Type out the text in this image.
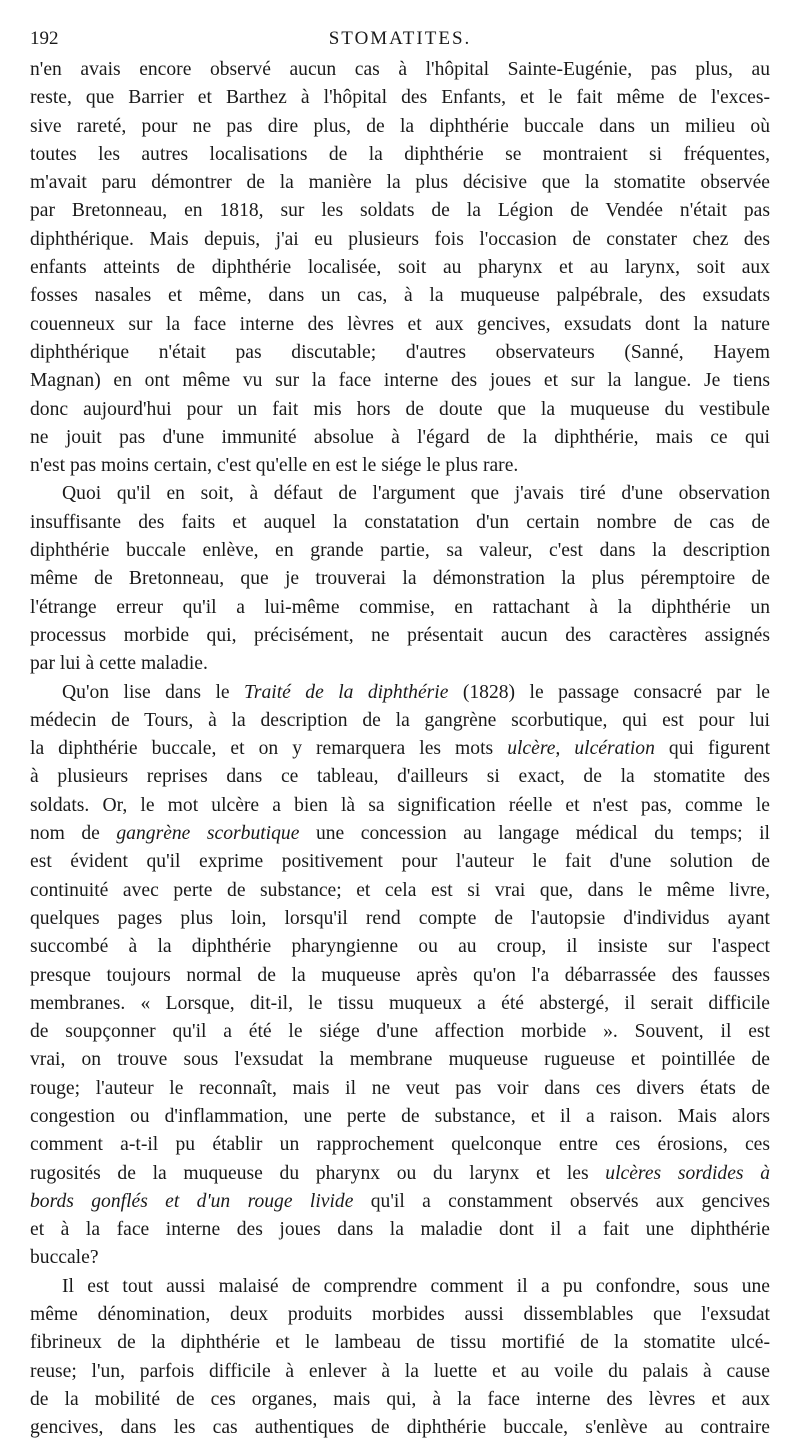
192	STOMATITES.
n'en avais encore observé aucun cas à l'hôpital Sainte-Eugénie, pas plus, au
reste, que Barrier et Barthez à l'hôpital des Enfants, et le fait même de l'exces-
sive rareté, pour ne pas dire plus, de la diphthérie buccale dans un milieu où
toutes les autres localisations de la diphthérie se montraient si fréquentes,
m'avait paru démontrer de la manière la plus décisive que la stomatite observée
par Bretonneau, en 1818, sur les soldats de la Légion de Vendée n'était pas
diphthérique. Mais depuis, j'ai eu plusieurs fois l'occasion de constater chez des
enfants atteints de diphthérie localisée, soit au pharynx et au larynx, soit aux
fosses nasales et même, dans un cas, à la muqueuse palpébrale, des exsudats
couenneux sur la face interne des lèvres et aux gencives, exsudats dont la nature
diphthérique n'était pas discutable; d'autres observateurs (Sanné, Hayem
Magnan) en ont même vu sur la face interne des joues et sur la langue. Je tiens
donc aujourd'hui pour un fait mis hors de doute que la muqueuse du vestibule
ne jouit pas d'une immunité absolue à l'égard de la diphthérie, mais ce qui
n'est pas moins certain, c'est qu'elle en est le siége le plus rare.
Quoi qu'il en soit, à défaut de l'argument que j'avais tiré d'une observation
insuffisante des faits et auquel la constatation d'un certain nombre de cas de
diphthérie buccale enlève, en grande partie, sa valeur, c'est dans la description
même de Bretonneau, que je trouverai la démonstration la plus péremptoire de
l'étrange erreur qu'il a lui-même commise, en rattachant à la diphthérie un
processus morbide qui, précisément, ne présentait aucun des caractères assignés
par lui à cette maladie.
Qu'on lise dans le Traité de la diphthérie (1828) le passage consacré par le
médecin de Tours, à la description de la gangrène scorbutique, qui est pour lui
la diphthérie buccale, et on y remarquera les mots ulcère, ulcération qui figurent
à plusieurs reprises dans ce tableau, d'ailleurs si exact, de la stomatite des
soldats. Or, le mot ulcère a bien là sa signification réelle et n'est pas, comme le
nom de gangrène scorbutique une concession au langage médical du temps; il
est évident qu'il exprime positivement pour l'auteur le fait d'une solution de
continuité avec perte de substance; et cela est si vrai que, dans le même livre,
quelques pages plus loin, lorsqu'il rend compte de l'autopsie d'individus ayant
succombé à la diphthérie pharyngienne ou au croup, il insiste sur l'aspect
presque toujours normal de la muqueuse après qu'on l'a débarrassée des fausses
membranes. « Lorsque, dit-il, le tissu muqueux a été abstergé, il serait difficile
de soupçonner qu'il a été le siége d'une affection morbide ». Souvent, il est
vrai, on trouve sous l'exsudat la membrane muqueuse rugueuse et pointillée de
rouge; l'auteur le reconnaît, mais il ne veut pas voir dans ces divers états de
congestion ou d'inflammation, une perte de substance, et il a raison. Mais alors
comment a-t-il pu établir un rapprochement quelconque entre ces érosions, ces
rugosités de la muqueuse du pharynx ou du larynx et les ulcères sordides à
bords gonflés et d'un rouge livide qu'il a constamment observés aux gencives
et à la face interne des joues dans la maladie dont il a fait une diphthérie
buccale?
Il est tout aussi malaisé de comprendre comment il a pu confondre, sous une
même dénomination, deux produits morbides aussi dissemblables que l'exsudat
fibrineux de la diphthérie et le lambeau de tissu mortifié de la stomatite ulcé-
reuse; l'un, parfois difficile à enlever à la luette et au voile du palais à cause
de la mobilité de ces organes, mais qui, à la face interne des lèvres et aux
gencives, dans les cas authentiques de diphthérie buccale, s'enlève au contraire
